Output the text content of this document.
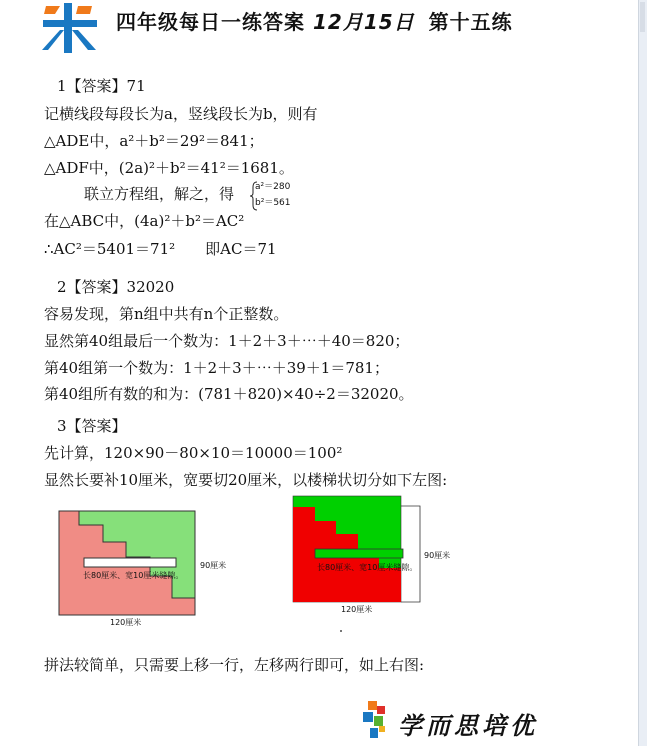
四年级每日一练答案 12月15日 第十五练
1【答案】71
记横线段每段长为a，竖线段长为b，则有
△ADE中，a²＋b²＝29²＝841；
△ADF中，(2a)²＋b²＝41²＝1681。
联立方程组，解之，得 a²＝280
b²＝561
在△ABC中，(4a)²＋b²＝AC²
∴AC²＝5401＝71²　　即AC＝71
2【答案】32020
容易发现，第n组中共有n个正整数。
显然第40组最后一个数为：1＋2＋3＋⋯＋40＝820；
第40组第一个数为：1＋2＋3＋⋯＋39＋1＝781；
第40组所有数的和为：(781＋820)×40÷2＝32020。
3【答案】
先计算，120×90－80×10＝10000＝100²
显然长要补10厘米，宽要切20厘米，以楼梯状切分如下左图:
长80厘米、宽10厘米缝隙。
90厘米
120厘米
长80厘米、宽10厘米缝隙。
90厘米
120厘米
拼法较简单，只需要上移一行，左移两行即可，如上右图:
学而思培优
